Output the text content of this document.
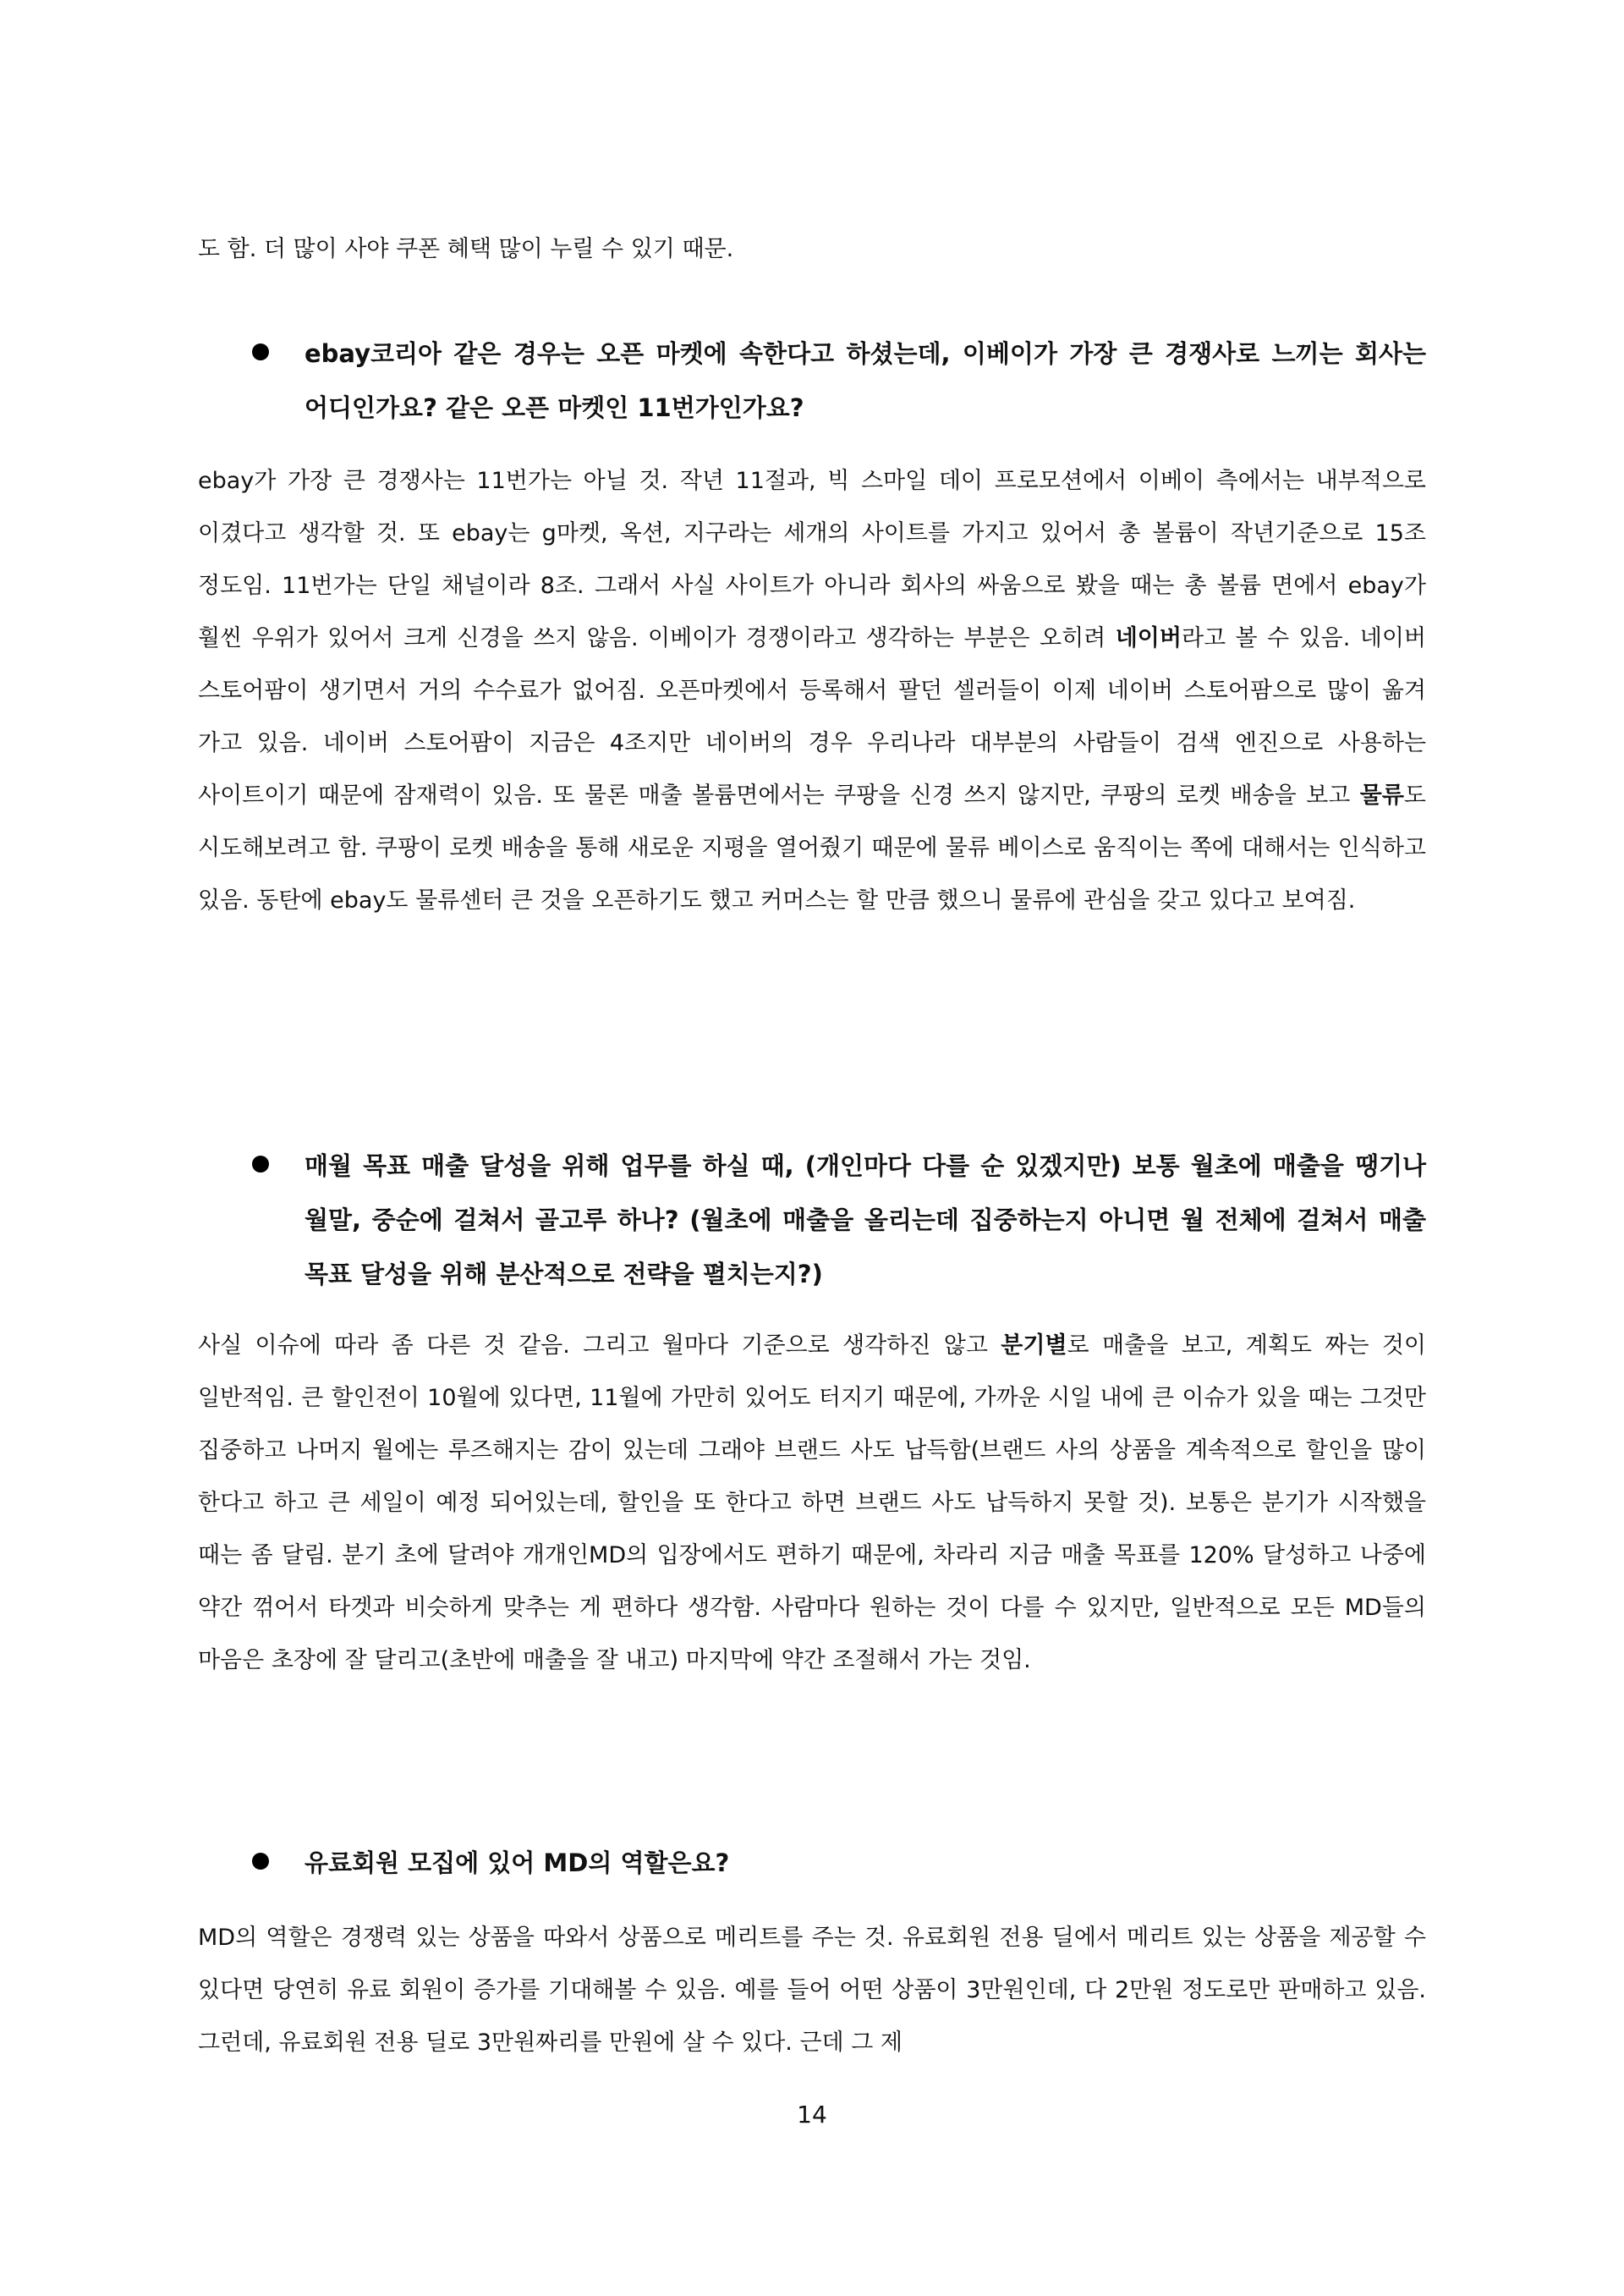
도 함. 더 많이 사야 쿠폰 혜택 많이 누릴 수 있기 때문.

ebay코리아 같은 경우는 오픈 마켓에 속한다고 하셨는데, 이베이가 가장 큰 경쟁사로 느끼는 회사는 어디인가요? 같은 오픈 마켓인 11번가인가요?

ebay가 가장 큰 경쟁사는 11번가는 아닐 것. 작년 11절과, 빅 스마일 데이 프로모션에서 이베이 측에서는 내부적으로 이겼다고 생각할 것. 또 ebay는 g마켓, 옥션, 지구라는 세개의 사이트를 가지고 있어서 총 볼륨이 작년기준으로 15조 정도임. 11번가는 단일 채널이라 8조. 그래서 사실 사이트가 아니라 회사의 싸움으로 봤을 때는 총 볼륨 면에서 ebay가 훨씬 우위가 있어서 크게 신경을 쓰지 않음. 이베이가 경쟁이라고 생각하는 부분은 오히려 네이버라고 볼 수 있음. 네이버 스토어팜이 생기면서 거의 수수료가 없어짐. 오픈마켓에서 등록해서 팔던 셀러들이 이제 네이버 스토어팜으로 많이 옮겨 가고 있음. 네이버 스토어팜이 지금은 4조지만 네이버의 경우 우리나라 대부분의 사람들이 검색 엔진으로 사용하는 사이트이기 때문에 잠재력이 있음. 또 물론 매출 볼륨면에서는 쿠팡을 신경 쓰지 않지만, 쿠팡의 로켓 배송을 보고 물류도 시도해보려고 함. 쿠팡이 로켓 배송을 통해 새로운 지평을 열어줬기 때문에 물류 베이스로 움직이는 쪽에 대해서는 인식하고 있음. 동탄에 ebay도 물류센터 큰 것을 오픈하기도 했고 커머스는 할 만큼 했으니 물류에 관심을 갖고 있다고 보여짐.

매월 목표 매출 달성을 위해 업무를 하실 때, (개인마다 다를 순 있겠지만) 보통 월초에 매출을 땡기나 월말, 중순에 걸쳐서 골고루 하나? (월초에 매출을 올리는데 집중하는지 아니면 월 전체에 걸쳐서 매출 목표 달성을 위해 분산적으로 전략을 펼치는지?)

사실 이슈에 따라 좀 다른 것 같음. 그리고 월마다 기준으로 생각하진 않고 분기별로 매출을 보고, 계획도 짜는 것이 일반적임. 큰 할인전이 10월에 있다면, 11월에 가만히 있어도 터지기 때문에, 가까운 시일 내에 큰 이슈가 있을 때는 그것만 집중하고 나머지 월에는 루즈해지는 감이 있는데 그래야 브랜드 사도 납득함(브랜드 사의 상품을 계속적으로 할인을 많이 한다고 하고 큰 세일이 예정 되어있는데, 할인을 또 한다고 하면 브랜드 사도 납득하지 못할 것). 보통은 분기가 시작했을 때는 좀 달림. 분기 초에 달려야 개개인MD의 입장에서도 편하기 때문에, 차라리 지금 매출 목표를 120% 달성하고 나중에 약간 꺾어서 타겟과 비슷하게 맞추는 게 편하다 생각함. 사람마다 원하는 것이 다를 수 있지만, 일반적으로 모든 MD들의 마음은 초장에 잘 달리고(초반에 매출을 잘 내고) 마지막에 약간 조절해서 가는 것임.

유료회원 모집에 있어 MD의 역할은요?

MD의 역할은 경쟁력 있는 상품을 따와서 상품으로 메리트를 주는 것. 유료회원 전용 딜에서 메리트 있는 상품을 제공할 수 있다면 당연히 유료 회원이 증가를 기대해볼 수 있음. 예를 들어 어떤 상품이 3만원인데, 다 2만원 정도로만 판매하고 있음. 그런데, 유료회원 전용 딜로 3만원짜리를 만원에 살 수 있다. 근데 그 제

14
